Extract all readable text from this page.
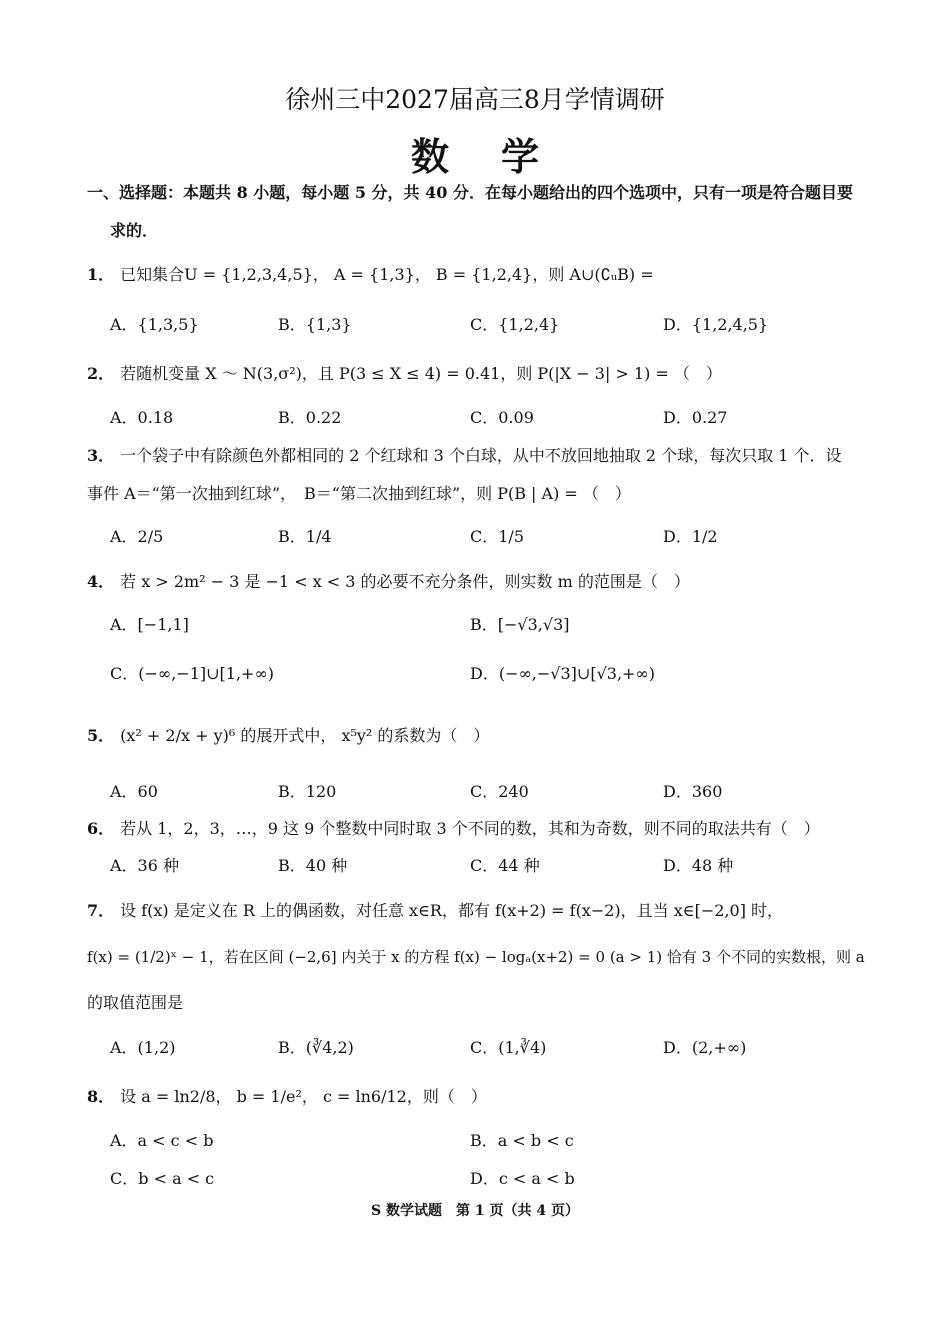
徐州三中2027届高三8月学情调研
数学
一、选择题：本题共 8 小题，每小题 5 分，共 40 分．在每小题给出的四个选项中，只有一项是符合题目要
求的．
1． 已知集合U = {1,2,3,4,5}， A = {1,3}， B = {1,2,4}，则 A∪(∁ᵤB) =
A．{1,3,5}	B．{1,3}	C．{1,2,4}	D．{1,2,4,5}
2． 若随机变量 X ～ N(3,σ²)，且 P(3 ≤ X ≤ 4) = 0.41，则 P(|X − 3| > 1) = （　）
A．0.18	B．0.22	C．0.09	D．0.27
3． 一个袋子中有除颜色外都相同的 2 个红球和 3 个白球，从中不放回地抽取 2 个球，每次只取 1 个．设
事件 A＝“第一次抽到红球”，　B＝“第二次抽到红球”，则 P(B | A) = （　）
A．2/5	B．1/4	C．1/5	D．1/2
4． 若 x > 2m² − 3 是 −1 < x < 3 的必要不充分条件，则实数 m 的范围是（　）
A．[−1,1]	B．[−√3,√3]
C．(−∞,−1]∪[1,+∞)	D．(−∞,−√3]∪[√3,+∞)
5． (x² + 2/x + y)⁶ 的展开式中， x⁵y² 的系数为（　）
A．60	B．120	C．240	D．360
6． 若从 1，2，3，…，9 这 9 个整数中同时取 3 个不同的数，其和为奇数，则不同的取法共有（　）
A．36 种	B．40 种	C．44 种	D．48 种
7． 设 f(x) 是定义在 R 上的偶函数，对任意 x∈R，都有 f(x+2) = f(x−2)，且当 x∈[−2,0] 时，
f(x) = (1/2)ˣ − 1，若在区间 (−2,6] 内关于 x 的方程 f(x) − logₐ(x+2) = 0 (a > 1) 恰有 3 个不同的实数根，则 a
的取值范围是
A．(1,2)	B．(∛4,2)	C．(1,∛4)	D．(2,+∞)
8． 设 a = ln2/8， b = 1/e²， c = ln6/12，则（　）
A．a < c < b	B．a < b < c
C．b < a < c	D．c < a < b
S 数学试题　第 1 页（共 4 页）
